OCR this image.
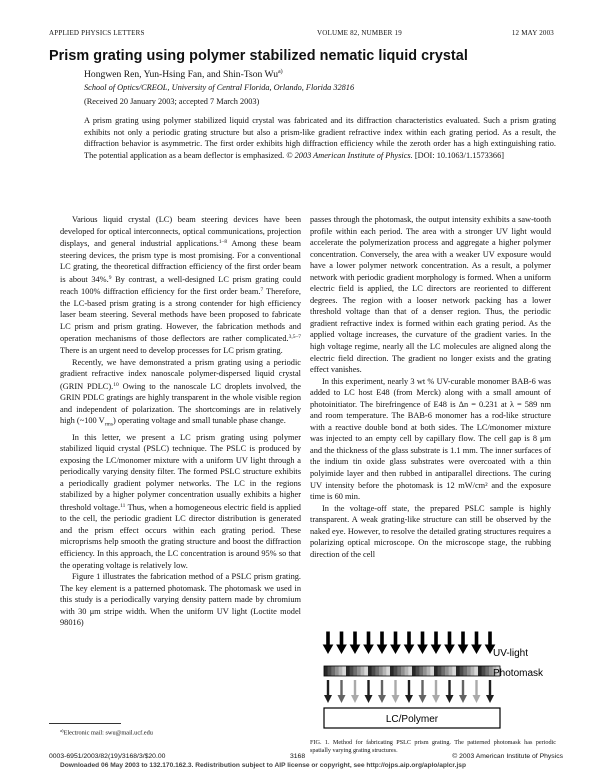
APPLIED PHYSICS LETTERS	VOLUME 82, NUMBER 19	12 MAY 2003
Prism grating using polymer stabilized nematic liquid crystal
Hongwen Ren, Yun-Hsing Fan, and Shin-Tson Wu$^{a)}$
School of Optics/CREOL, University of Central Florida, Orlando, Florida 32816
(Received 20 January 2003; accepted 7 March 2003)
A prism grating using polymer stabilized liquid crystal was fabricated and its diffraction characteristics evaluated. Such a prism grating exhibits not only a periodic grating structure but also a prism-like gradient refractive index within each grating period. As a result, the diffraction behavior is asymmetric. The first order exhibits high diffraction efficiency while the zeroth order has a high extinguishing ratio. The potential application as a beam deflector is emphasized. © 2003 American Institute of Physics. [DOI: 10.1063/1.1573366]

Various liquid crystal (LC) beam steering devices have been developed for optical interconnects, optical communications, projection displays, and general industrial applications.$^{1-8}$ Among these beam steering devices, the prism type is most promising. For a conventional LC grating, the theoretical diffraction efficiency of the first order beam is about 34%.$^9$ By contrast, a well-designed LC prism grating could reach 100% diffraction efficiency for the first order beam.$^7$ Therefore, the LC-based prism grating is a strong contender for high efficiency laser beam steering. Several methods have been proposed to fabricate LC prism and prism grating. However, the fabrication methods and operation mechanisms of those deflectors are rather complicated.$^{3,5-7}$ There is an urgent need to develop processes for LC prism grating.

Recently, we have demonstrated a prism grating using a periodic gradient refractive index nanoscale polymer-dispersed liquid crystal (GRIN PDLC).$^{10}$ Owing to the nanoscale LC droplets involved, the GRIN PDLC gratings are highly transparent in the whole visible region and independent of polarization. The shortcomings are in relatively high (~100 $V_{rms}$) operating voltage and small tunable phase change.

In this letter, we present a LC prism grating using polymer stabilized liquid crystal (PSLC) technique. The PSLC is produced by exposing the LC/monomer mixture with a uniform UV light through a periodically varying density filter. The formed PSLC structure exhibits a periodically gradient polymer networks. The LC in the regions stabilized by a higher polymer concentration usually exhibits a higher threshold voltage.$^{11}$ Thus, when a homogeneous electric field is applied to the cell, the periodic gradient LC director distribution is generated and the prism effect occurs within each grating period. These microprisms help smooth the grating structure and boost the diffraction efficiency. In this approach, the LC concentration is around 95% so that the operating voltage is relatively low.

Figure 1 illustrates the fabrication method of a PSLC prism grating. The key element is a patterned photomask. The photomask we used in this study is a periodically varying density pattern made by chromium with 30 μm stripe width. When the uniform UV light (Loctite model 98016)

passes through the photomask, the output intensity exhibits a saw-tooth profile within each period. The area with a stronger UV light would accelerate the polymerization process and aggregate a higher polymer concentration. Conversely, the area with a weaker UV exposure would have a lower polymer network concentration. As a result, a polymer network with periodic gradient morphology is formed. When a uniform electric field is applied, the LC directors are reoriented to different degrees. The region with a looser network packing has a lower threshold voltage than that of a denser region. Thus, the periodic gradient refractive index is formed within each grating period. As the applied voltage increases, the curvature of the gradient varies. In the high voltage regime, nearly all the LC molecules are aligned along the electric field direction. The gradient no longer exists and the grating effect vanishes.

In this experiment, nearly 3 wt % UV-curable monomer BAB-6 was added to LC host E48 (from Merck) along with a small amount of photoinitiator. The birefringence of E48 is Δn = 0.231 at λ = 589 nm and room temperature. The BAB-6 monomer has a rod-like structure with a reactive double bond at both sides. The LC/monomer mixture was injected to an empty cell by capillary flow. The cell gap is 8 μm and the thickness of the glass substrate is 1.1 mm. The inner surfaces of the indium tin oxide glass substrates were overcoated with a thin polyimide layer and then rubbed in antiparallel directions. The curing UV intensity before the photomask is 12 mW/cm² and the exposure time is 60 min.

In the voltage-off state, the prepared PSLC sample is highly transparent. A weak grating-like structure can still be observed by the naked eye. However, to resolve the detailed grating structures requires a polarizing optical microscope. On the microscope stage, the rubbing direction of the cell

UV-light
Photomask
LC/Polymer
FIG. 1. Method for fabricating PSLC prism grating. The patterned photomask has periodic spatially varying grating structures.
$^{a)}$Electronic mail: swu@mail.ucf.edu
0003-6951/2003/82(19)/3168/3/$20.00	3168	© 2003 American Institute of Physics
Downloaded 06 May 2003 to 132.170.162.3. Redistribution subject to AIP license or copyright, see http://ojps.aip.org/aplo/aplcr.jsp
